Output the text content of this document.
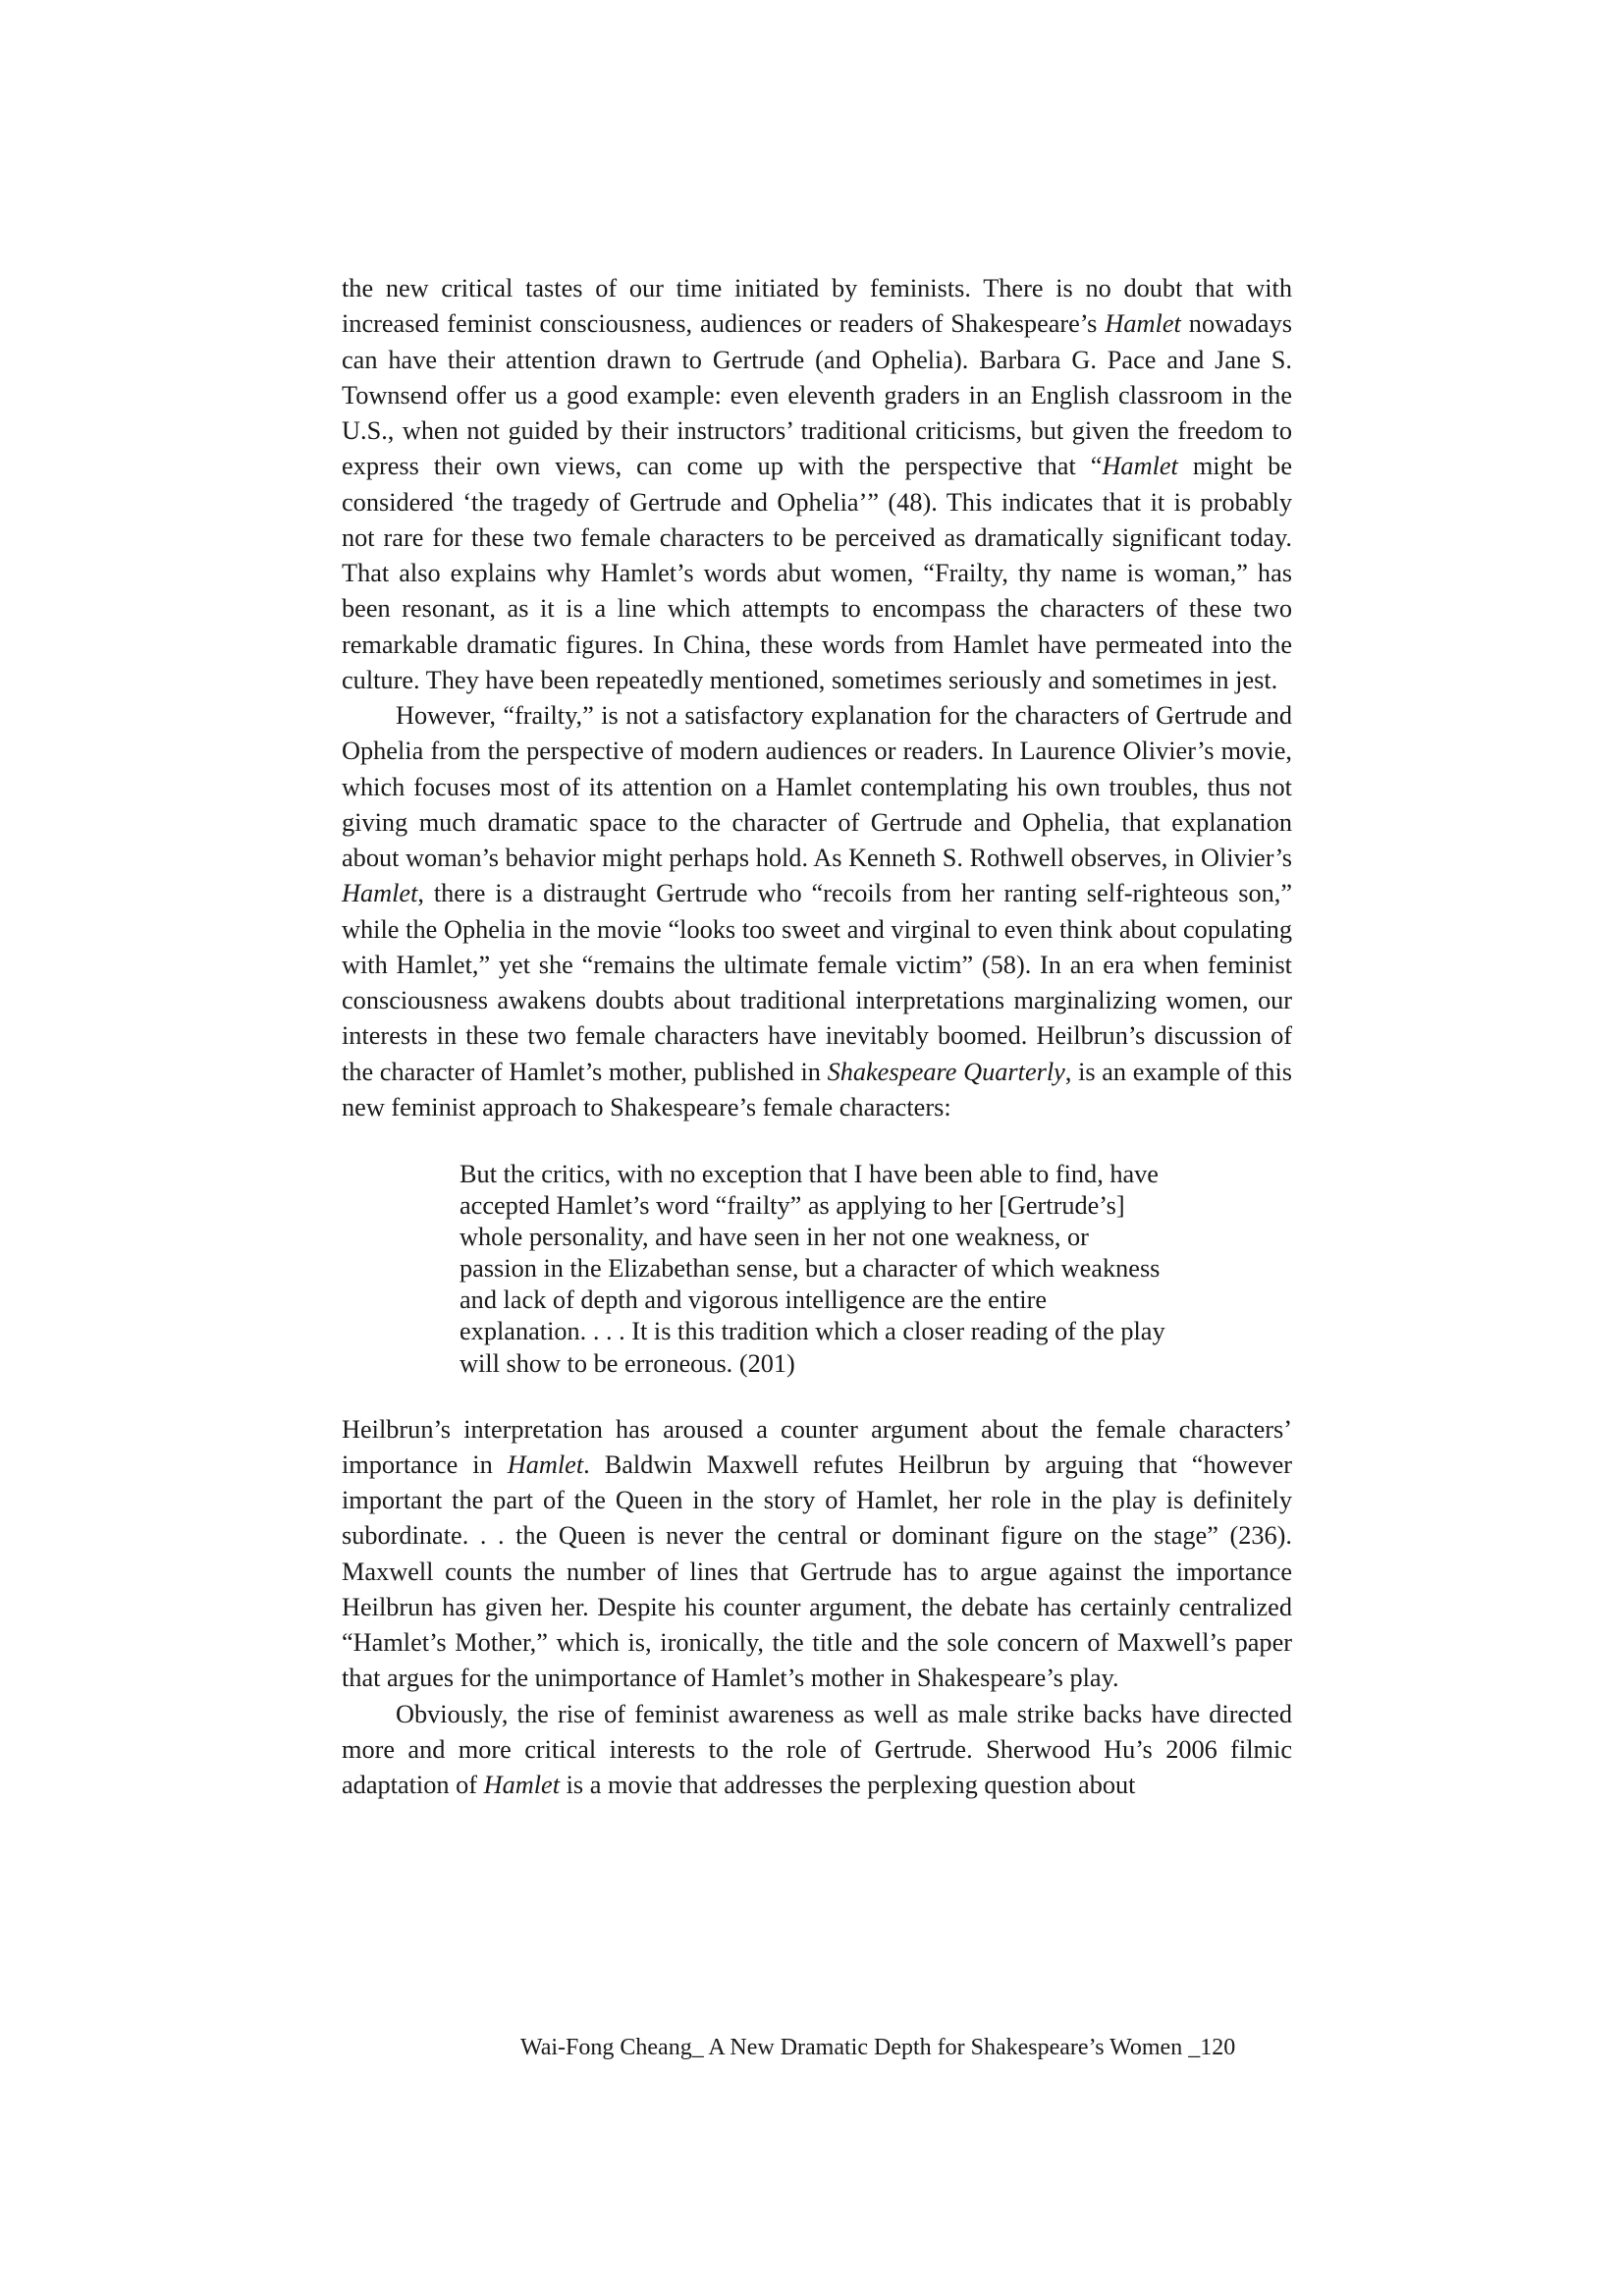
the new critical tastes of our time initiated by feminists. There is no doubt that with increased feminist consciousness, audiences or readers of Shakespeare’s Hamlet nowadays can have their attention drawn to Gertrude (and Ophelia). Barbara G. Pace and Jane S. Townsend offer us a good example: even eleventh graders in an English classroom in the U.S., when not guided by their instructors’ traditional criticisms, but given the freedom to express their own views, can come up with the perspective that “Hamlet might be considered ‘the tragedy of Gertrude and Ophelia’” (48). This indicates that it is probably not rare for these two female characters to be perceived as dramatically significant today. That also explains why Hamlet’s words abut women, “Frailty, thy name is woman,” has been resonant, as it is a line which attempts to encompass the characters of these two remarkable dramatic figures. In China, these words from Hamlet have permeated into the culture. They have been repeatedly mentioned, sometimes seriously and sometimes in jest.

However, “frailty,” is not a satisfactory explanation for the characters of Gertrude and Ophelia from the perspective of modern audiences or readers. In Laurence Olivier’s movie, which focuses most of its attention on a Hamlet contemplating his own troubles, thus not giving much dramatic space to the character of Gertrude and Ophelia, that explanation about woman’s behavior might perhaps hold. As Kenneth S. Rothwell observes, in Olivier’s Hamlet, there is a distraught Gertrude who “recoils from her ranting self-righteous son,” while the Ophelia in the movie “looks too sweet and virginal to even think about copulating with Hamlet,” yet she “remains the ultimate female victim” (58). In an era when feminist consciousness awakens doubts about traditional interpretations marginalizing women, our interests in these two female characters have inevitably boomed. Heilbrun’s discussion of the character of Hamlet’s mother, published in Shakespeare Quarterly, is an example of this new feminist approach to Shakespeare’s female characters:

But the critics, with no exception that I have been able to find, have
accepted Hamlet’s word “frailty” as applying to her [Gertrude’s]
whole personality, and have seen in her not one weakness, or
passion in the Elizabethan sense, but a character of which weakness
and lack of depth and vigorous intelligence are the entire
explanation. . . . It is this tradition which a closer reading of the play
will show to be erroneous. (201)

Heilbrun’s interpretation has aroused a counter argument about the female characters’ importance in Hamlet. Baldwin Maxwell refutes Heilbrun by arguing that “however important the part of the Queen in the story of Hamlet, her role in the play is definitely subordinate. . . the Queen is never the central or dominant figure on the stage” (236). Maxwell counts the number of lines that Gertrude has to argue against the importance Heilbrun has given her. Despite his counter argument, the debate has certainly centralized “Hamlet’s Mother,” which is, ironically, the title and the sole concern of Maxwell’s paper that argues for the unimportance of Hamlet’s mother in Shakespeare’s play.

Obviously, the rise of feminist awareness as well as male strike backs have directed more and more critical interests to the role of Gertrude. Sherwood Hu’s 2006 filmic adaptation of Hamlet is a movie that addresses the perplexing question about

Wai-Fong Cheang_ A New Dramatic Depth for Shakespeare’s Women _120
